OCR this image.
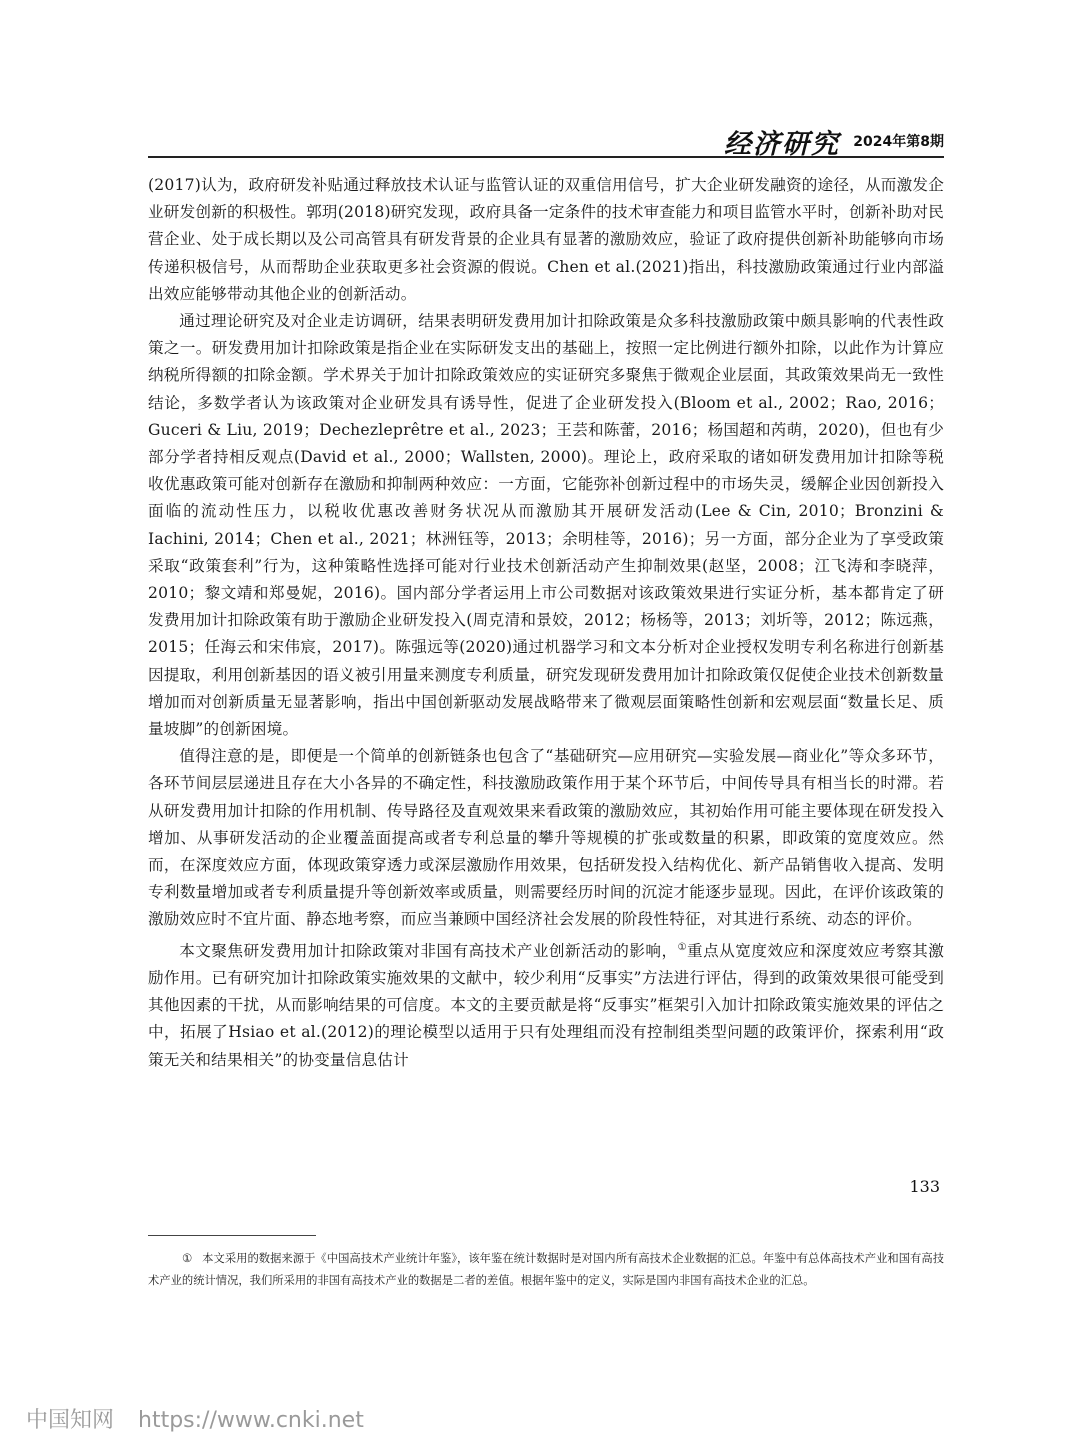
经济研究 2024年第8期

(2017)认为，政府研发补贴通过释放技术认证与监管认证的双重信用信号，扩大企业研发融资的途径，从而激发企业研发创新的积极性。郭玥(2018)研究发现，政府具备一定条件的技术审查能力和项目监管水平时，创新补助对民营企业、处于成长期以及公司高管具有研发背景的企业具有显著的激励效应，验证了政府提供创新补助能够向市场传递积极信号，从而帮助企业获取更多社会资源的假说。Chen et al.(2021)指出，科技激励政策通过行业内部溢出效应能够带动其他企业的创新活动。

通过理论研究及对企业走访调研，结果表明研发费用加计扣除政策是众多科技激励政策中颇具影响的代表性政策之一。研发费用加计扣除政策是指企业在实际研发支出的基础上，按照一定比例进行额外扣除，以此作为计算应纳税所得额的扣除金额。学术界关于加计扣除政策效应的实证研究多聚焦于微观企业层面，其政策效果尚无一致性结论，多数学者认为该政策对企业研发具有诱导性，促进了企业研发投入(Bloom et al., 2002；Rao, 2016；Guceri & Liu, 2019；Dechezleprêtre et al., 2023；王芸和陈蕾，2016；杨国超和芮萌，2020)，但也有少部分学者持相反观点(David et al., 2000；Wallsten, 2000)。理论上，政府采取的诸如研发费用加计扣除等税收优惠政策可能对创新存在激励和抑制两种效应：一方面，它能弥补创新过程中的市场失灵，缓解企业因创新投入面临的流动性压力，以税收优惠改善财务状况从而激励其开展研发活动(Lee & Cin, 2010；Bronzini & Iachini, 2014；Chen et al., 2021；林洲钰等，2013；余明桂等，2016)；另一方面，部分企业为了享受政策采取“政策套利”行为，这种策略性选择可能对行业技术创新活动产生抑制效果(赵坚，2008；江飞涛和李晓萍，2010；黎文靖和郑曼妮，2016)。国内部分学者运用上市公司数据对该政策效果进行实证分析，基本都肯定了研发费用加计扣除政策有助于激励企业研发投入(周克清和景姣，2012；杨杨等，2013；刘圻等，2012；陈远燕，2015；任海云和宋伟宸，2017)。陈强远等(2020)通过机器学习和文本分析对企业授权发明专利名称进行创新基因提取，利用创新基因的语义被引用量来测度专利质量，研究发现研发费用加计扣除政策仅促使企业技术创新数量增加而对创新质量无显著影响，指出中国创新驱动发展战略带来了微观层面策略性创新和宏观层面“数量长足、质量坡脚”的创新困境。

值得注意的是，即便是一个简单的创新链条也包含了“基础研究—应用研究—实验发展—商业化”等众多环节，各环节间层层递进且存在大小各异的不确定性，科技激励政策作用于某个环节后，中间传导具有相当长的时滞。若从研发费用加计扣除的作用机制、传导路径及直观效果来看政策的激励效应，其初始作用可能主要体现在研发投入增加、从事研发活动的企业覆盖面提高或者专利总量的攀升等规模的扩张或数量的积累，即政策的宽度效应。然而，在深度效应方面，体现政策穿透力或深层激励作用效果，包括研发投入结构优化、新产品销售收入提高、发明专利数量增加或者专利质量提升等创新效率或质量，则需要经历时间的沉淀才能逐步显现。因此，在评价该政策的激励效应时不宜片面、静态地考察，而应当兼顾中国经济社会发展的阶段性特征，对其进行系统、动态的评价。

本文聚焦研发费用加计扣除政策对非国有高技术产业创新活动的影响，①重点从宽度效应和深度效应考察其激励作用。已有研究加计扣除政策实施效果的文献中，较少利用“反事实”方法进行评估，得到的政策效果很可能受到其他因素的干扰，从而影响结果的可信度。本文的主要贡献是将“反事实”框架引入加计扣除政策实施效果的评估之中，拓展了Hsiao et al.(2012)的理论模型以适用于只有处理组而没有控制组类型问题的政策评价，探索利用“政策无关和结果相关”的协变量信息估计

① 本文采用的数据来源于《中国高技术产业统计年鉴》，该年鉴在统计数据时是对国内所有高技术企业数据的汇总。年鉴中有总体高技术产业和国有高技术产业的统计情况，我们所采用的非国有高技术产业的数据是二者的差值。根据年鉴中的定义，实际是国内非国有高技术企业的汇总。
133
中国知网 https://www.cnki.net
